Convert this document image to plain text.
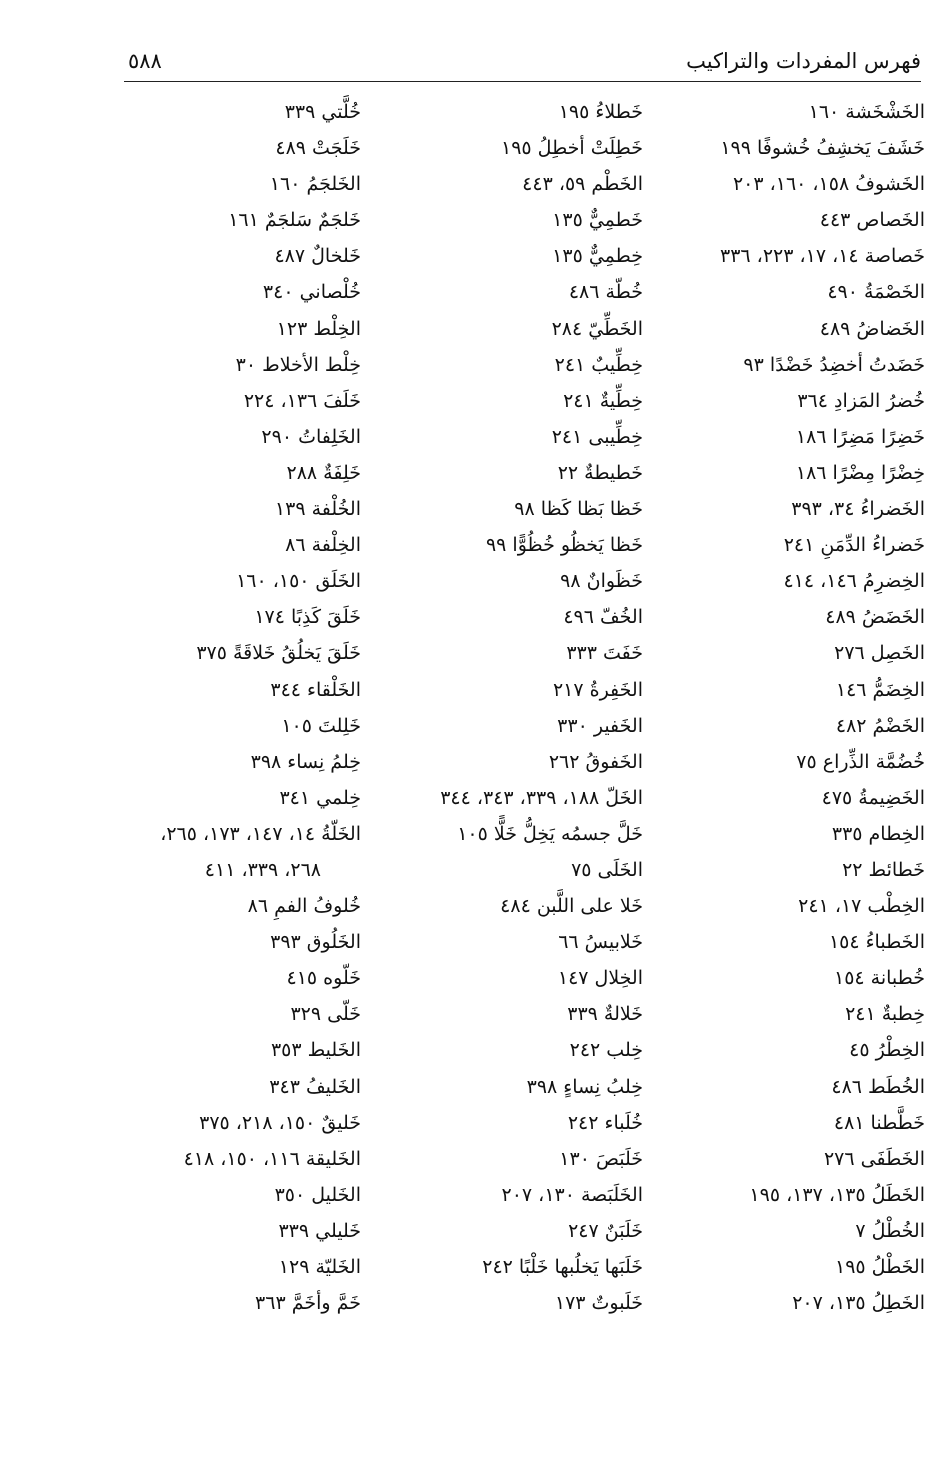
فهرس المفردات والتراكيب
٥٨٨
الخَشْخَشة ١٦٠
خَشَفَ يَخشِفُ خُشوفًا ١٩٩
الخَشوفُ ١٥٨، ١٦٠، ٢٠٣
الخَصاص ٤٤٣
خَصاصة ١٤، ١٧، ٢٢٣، ٣٣٦
الخَصْمَةُ ٤٩٠
الخَضاضُ ٤٨٩
خَضَدتُ أخضِدُ خَضْدًا ٩٣
خُضرُ المَزادِ ٣٦٤
خَضِرًا مَضِرًا ١٨٦
خِضْرًا مِضْرًا ١٨٦
الخَضراءُ ٣٤، ٣٩٣
خَضراءُ الدِّمَنِ ٢٤١
الخِضرِمُ ١٤٦، ٤١٤
الخَضَضُ ٤٨٩
الخَصِل ٢٧٦
الخِضَمُّ ١٤٦
الخَضْمُ ٤٨٢
خُضُمَّة الذِّراع ٧٥
الخَضِيمةُ ٤٧٥
الخِطام ٣٣٥
خَطائط ٢٢
الخِطْب ١٧، ٢٤١
الخَطباءُ ١٥٤
خُطبانة ١٥٤
خِطبةٌ ٢٤١
الخِطْرُ ٤٥
الخُطَط ٤٨٦
خَطَّطنا ٤٨١
الخَطَفَى ٢٧٦
الخَطَلُ ١٣٥، ١٣٧، ١٩٥
الخُطْلُ ٧
الخَطْلُ ١٩٥
الخَطِلُ ١٣٥، ٢٠٧
خَطلاءُ ١٩٥
خَطِلَتْ أخطِلُ ١٩٥
الخَطْم ٥٩، ٤٤٣
خَطمِيٌّ ١٣٥
خِطمِيٌّ ١٣٥
خُطّة ٤٨٦
الخَطِّيّ ٢٨٤
خِطِّيبٌ ٢٤١
خِطِّيةٌ ٢٤١
خِطِّيبى ٢٤١
خَطيطةٌ ٢٢
خَظا بَظا كَظا ٩٨
خَظا يَخظُو خُظُوًّا ٩٩
خَظَوانٌ ٩٨
الخُفّ ٤٩٦
خَفَتَ ٣٣٣
الخَفِرةُ ٢١٧
الخَفير ٣٣٠
الخَفوقُ ٢٦٢
الخَلّ ١٨٨، ٣٣٩، ٣٤٣، ٣٤٤
خَلَّ جسمُه يَخِلُّ خَلًّا ١٠٥
الخَلَى ٧٥
خَلا على اللَّبن ٤٨٤
خَلابيسُ ٦٦
الخِلال ١٤٧
خَلالةٌ ٣٣٩
خِلب ٢٤٢
خِلبُ نِساءٍ ٣٩٨
خُلَباء ٢٤٢
خَلَبَصَ ١٣٠
الخَلَبَصة ١٣٠، ٢٠٧
خَلَبَنٌ ٢٤٧
خَلَبَها يَخلُبها خَلْبًا ٢٤٢
خَلَبوتٌ ١٧٣
خُلَّتي ٣٣٩
خَلَجَتْ ٤٨٩
الخَلجَمُ ١٦٠
خَلجَمٌ سَلجَمٌ ١٦١
خَلخالٌ ٤٨٧
خُلْصاني ٣٤٠
الخِلْط ١٢٣
خِلْط الأخلاط ٣٠
خَلَفَ ١٣٦، ٢٢٤
الخَلِفاتُ ٢٩٠
خَلِفَةٌ ٢٨٨
الخُلْفة ١٣٩
الخِلْفة ٨٦
الخَلَق ١٥٠، ١٦٠
خَلَقَ كَذِبًا ١٧٤
خَلَقَ يَخلُقُ خَلاقَةً ٣٧٥
الخَلْقاء ٣٤٤
خَلِلتَ ١٠٥
خِلمُ نِساء ٣٩٨
خِلمي ٣٤١
الخَلّةُ ١٤، ١٤٧، ١٧٣، ٢٦٥،
٢٦٨، ٣٣٩، ٤١١
خُلوفُ الفمِ ٨٦
الخَلُوق ٣٩٣
خَلّوه ٤١٥
خَلّى ٣٢٩
الخَليط ٣٥٣
الخَليفُ ٣٤٣
خَليقٌ ١٥٠، ٢١٨، ٣٧٥
الخَليقة ١١٦، ١٥٠، ٤١٨
الخَليل ٣٥٠
خَليلي ٣٣٩
الخَليّة ١٢٩
خَمَّ وأخَمَّ ٣٦٣
